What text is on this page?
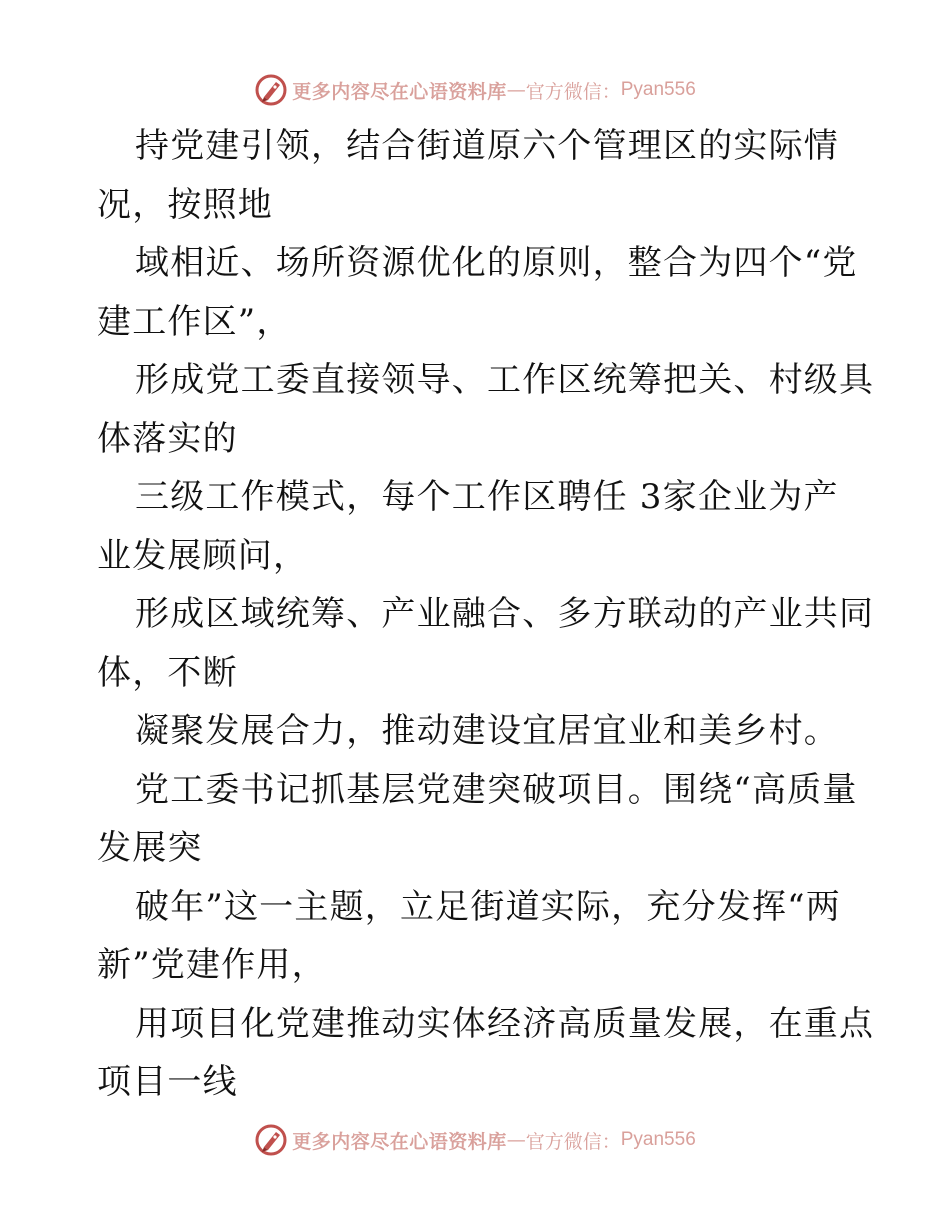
更多内容尽在心语资料库 — 官方微信： Pyan556
持党建引领，结合街道原六个管理区的实际情
况，按照地
域相近、场所资源优化的原则，整合为四个“党
建工作区”，
形成党工委直接领导、工作区统筹把关、村级具
体落实的
三级工作模式，每个工作区聘任 3家企业为产
业发展顾问，
形成区域统筹、产业融合、多方联动的产业共同
体，不断
凝聚发展合力，推动建设宜居宜业和美乡村。
党工委书记抓基层党建突破项目。围绕“高质量
发展突
破年”这一主题，立足街道实际，充分发挥“两
新”党建作用，
用项目化党建推动实体经济高质量发展，在重点
项目一线
更多内容尽在心语资料库 — 官方微信： Pyan556
